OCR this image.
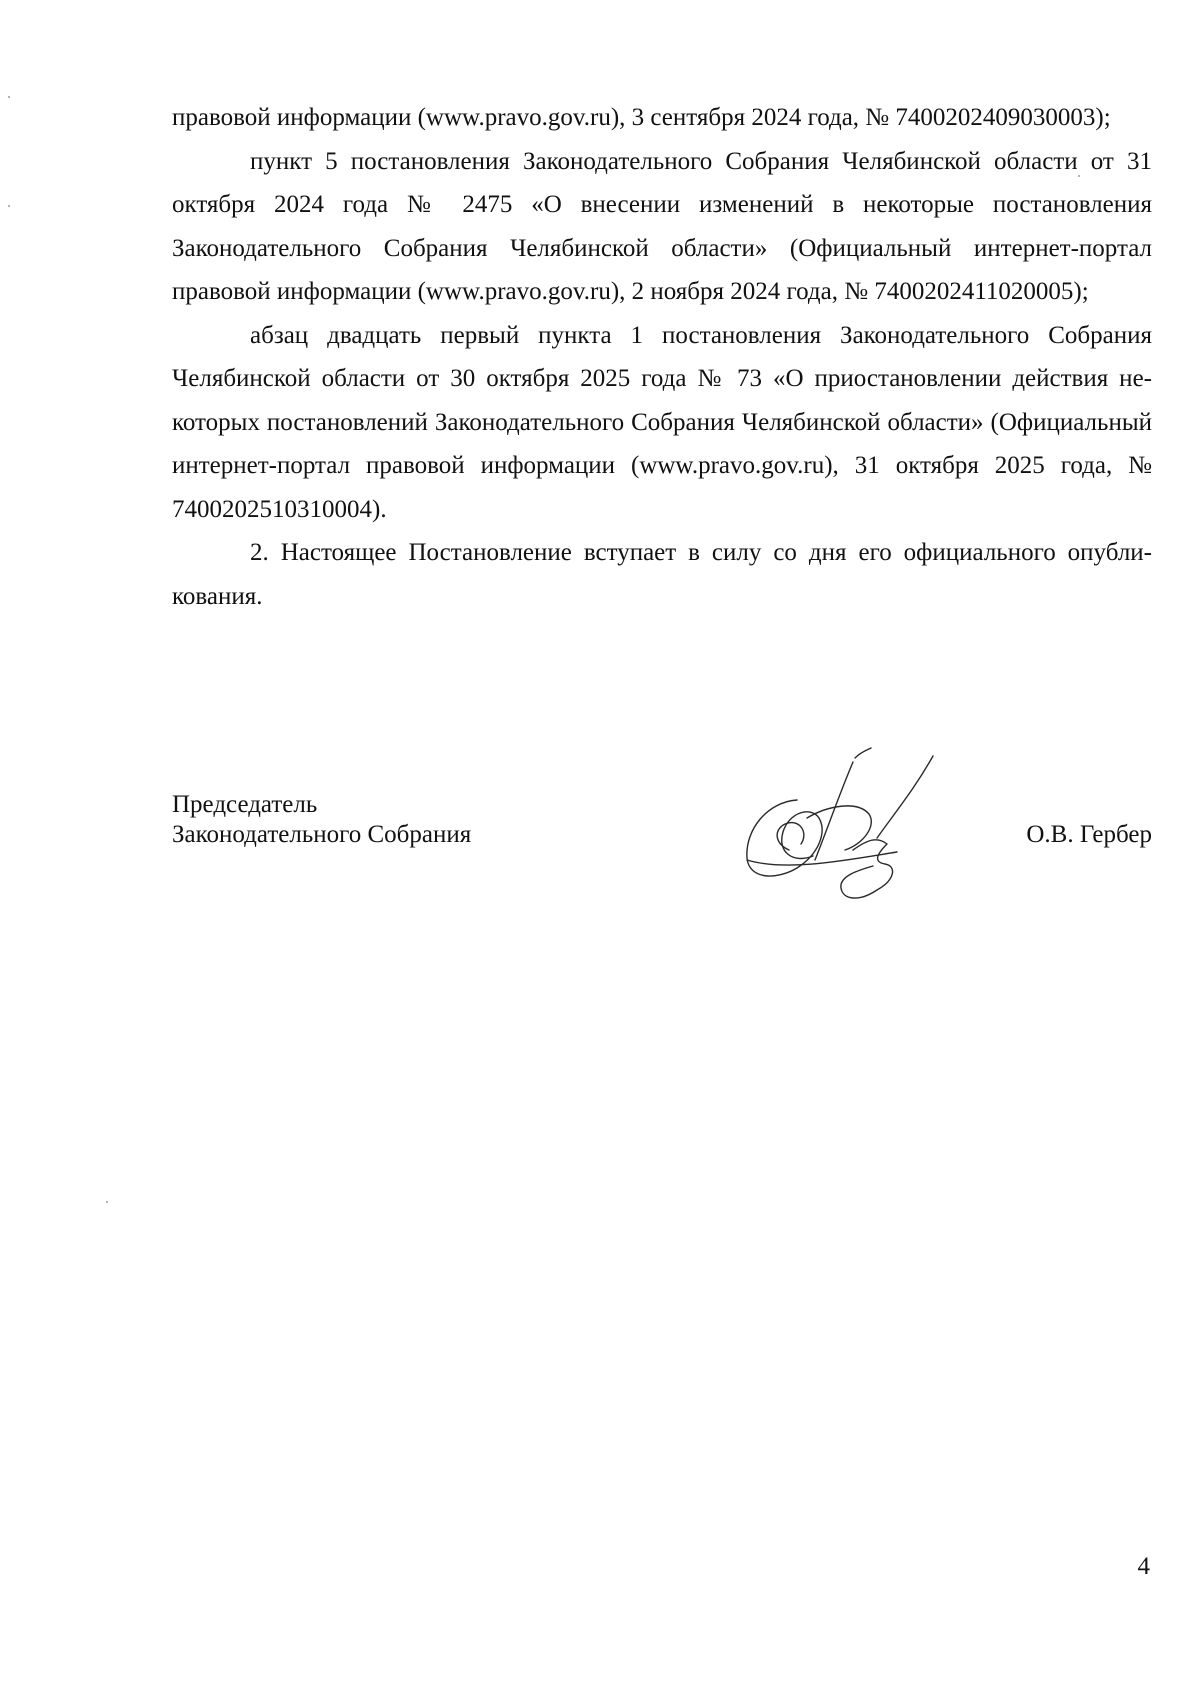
правовой информации (www.pravo.gov.ru), 3 сентября 2024 года, № 7400202409030003);

пункт 5 постановления Законодательного Собрания Челябинской области от 31 октября 2024 года № 2475 «О внесении изменений в некоторые постановления Законодательного Собрания Челябинской области» (Официальный интернет-портал правовой информации (www.pravo.gov.ru), 2 ноября 2024 года, № 7400202411020005);

абзац двадцать первый пункта 1 постановления Законодательного Собрания Челябинской области от 30 октября 2025 года № 73 «О приостановлении действия некоторых постановлений Законодательного Собрания Челябинской области» (Официальный интернет-портал правовой информации (www.pravo.gov.ru), 31 октября 2025 года, № 7400202510310004).

2. Настоящее Постановление вступает в силу со дня его официального опубликования.

Председатель
Законодательного Собрания	О.В. Гербер
4
